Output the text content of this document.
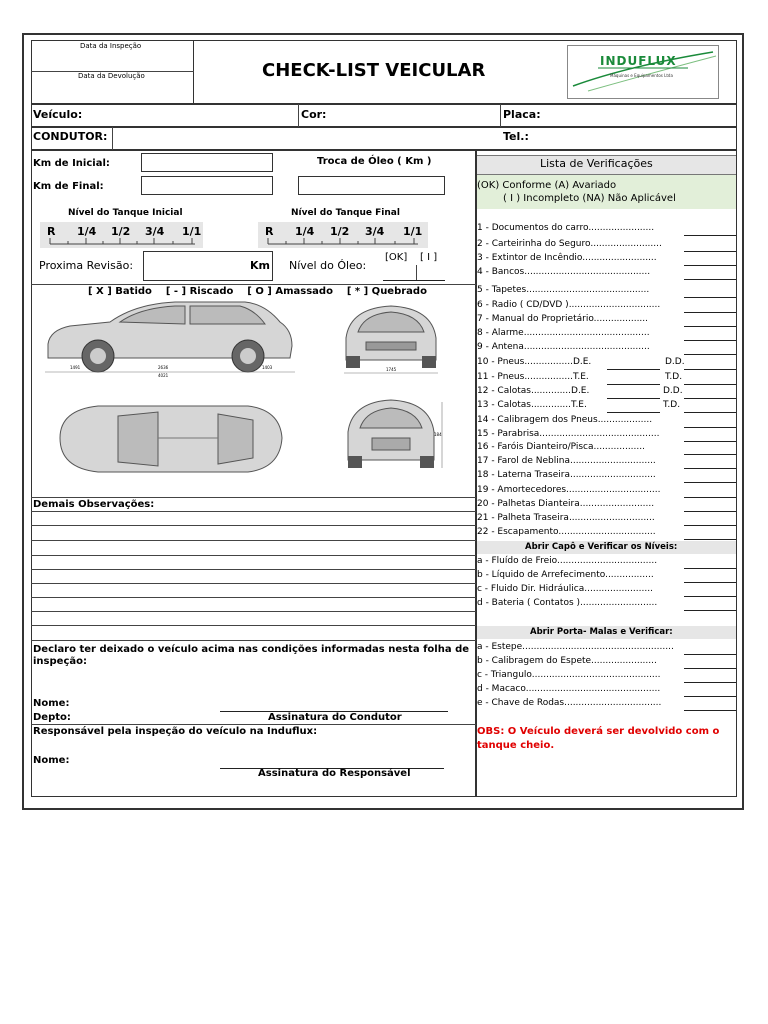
Data da Inspeção
Data da Devolução	CHECK-LIST VEICULAR	INDUFLUX
Máquinas e Equipamentos Ltda
Veículo:	Cor:	Placa:
CONDUTOR:	Tel.:
Km de Inicial:
Km de Final:
Troca de Óleo ( Km )
Nível do Tanque Inicial
R 1/4 1/2 3/4 1/1
Nível do Tanque Final
R 1/4 1/2 3/4 1/1
Proxima Revisão:	Km Nível do Óleo:
[OK] [ I ]
[ X ] Batido    [ - ] Riscado    [ O ] Amassado    [ * ] Quebrado
1491	2636	1403
4021
1745
184
Demais Observações:
Declaro ter deixado o veículo acima nas condições informadas nesta folha de
inspeção:
Nome:
Depto:	Assinatura do Condutor
Responsável pela inspeção do veículo na Induflux:
Nome:
Assinatura do Responsável
Lista de Verificações
(OK) Conforme (A) Avariado
( I ) Incompleto (NA) Não Aplicável
1 - Documentos do carro.......................
2 - Carteirinha do Seguro.........................
3 - Extintor de Incêndio..........................
4 - Bancos............................................
5 - Tapetes...........................................
6 - Radio ( CD/DVD )................................
7 - Manual do Proprietário...................
8 - Alarme............................................
9 - Antena............................................
10 - Pneus.................D.E.	D.D.
11 - Pneus.................T.E.	T.D.
12 - Calotas..............D.E.	D.D.
13 - Calotas..............T.E.	T.D.
14 - Calibragem dos Pneus...................
15 - Parabrisa..........................................
16 - Faróis Dianteiro/Pisca..................
17 - Farol de Neblina..............................
18 - Laterna Traseira..............................
19 - Amortecedores.................................
20 - Palhetas Dianteira..........................
21 - Palheta Traseira..............................
22 - Escapamento..................................
Abrir Capô e Verificar os Níveis:
a - Fluído de Freio...................................
b - Líquido de Arrefecimento.................
c - Fluido Dir. Hidráulica........................
d - Bateria ( Contatos )...........................
Abrir Porta- Malas e Verificar:
a - Estepe.....................................................
b - Calibragem do Espete.......................
c - Triangulo.............................................
d - Macaco...............................................
e - Chave de Rodas..................................
OBS: O Veículo deverá ser devolvido com o
tanque cheio.
